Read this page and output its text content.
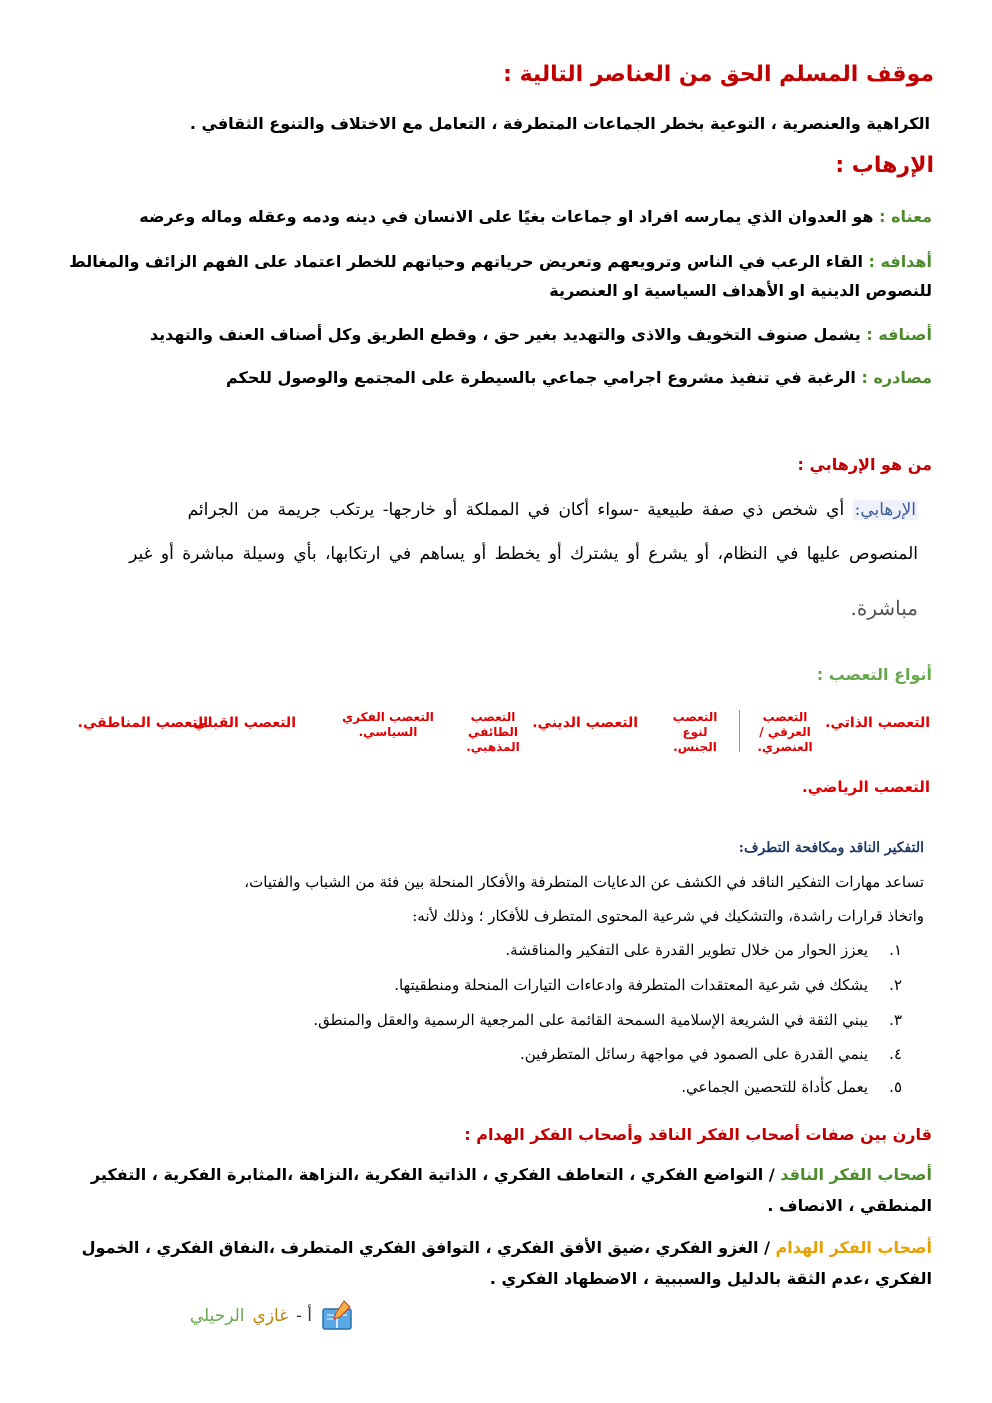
موقف المسلم الحق من العناصر التالية :
الكراهية والعنصرية ، التوعية بخطر الجماعات المتطرفة ، التعامل مع الاختلاف والتنوع الثقافي .
الإرهاب :
معناه : هو العدوان الذي يمارسه افراد او جماعات بغيًا على الانسان في دينه ودمه وعقله وماله وعرضه
أهدافه : القاء الرعب في الناس وترويعهم وتعريض حرياتهم وحياتهم للخطر اعتماد على الفهم الزائف والمغالط
للنصوص الدينية او الأهداف السياسية او العنصرية
أصنافه : يشمل صنوف التخويف والاذى والتهديد بغير حق ، وقطع الطريق وكل أصناف العنف والتهديد
مصادره : الرغبة في تنفيذ مشروع اجرامي جماعي بالسيطرة على المجتمع والوصول للحكم
من هو الإرهابي :
الإرهابي: أي شخص ذي صفة طبيعية -سواء أكان في المملكة أو خارجها- يرتكب جريمة من الجرائم
المنصوص عليها في النظام، أو يشرع أو يشترك أو يخطط أو يساهم في ارتكابها، بأي وسيلة مباشرة أو غير
مباشرة.
أنواع التعصب :
التعصب الذاتي.
التعصب العرقي / العنصري.
التعصب لنوع الجنس.
التعصب الديني.
التعصب الطائفي المذهبي.
التعصب الفكري السياسي.
التعصب القبلي.
التعصب المناطقي.
التعصب الرياضي.
التفكير الناقد ومكافحة التطرف:
تساعد مهارات التفكير الناقد في الكشف عن الدعايات المتطرفة والأفكار المنحلة بين فئة من الشباب والفتيات،
واتخاذ قرارات راشدة، والتشكيك في شرعية المحتوى المتطرف للأفكار ؛ وذلك لأنه:
١.يعزز الحوار من خلال تطوير القدرة على التفكير والمناقشة.
٢.يشكك في شرعية المعتقدات المتطرفة وادعاءات التيارات المنحلة ومنطقيتها.
٣.يبني الثقة في الشريعة الإسلامية السمحة القائمة على المرجعية الرسمية والعقل والمنطق.
٤.ينمي القدرة على الصمود في مواجهة رسائل المتطرفين.
٥.يعمل كأداة للتحصين الجماعي.
قارن بين صفات أصحاب الفكر الناقد وأصحاب الفكر الهدام :
أصحاب الفكر الناقد / التواضع الفكري ، التعاطف الفكري ، الذاتية الفكرية ،النزاهة ،المثابرة الفكرية ، التفكير
المنطقي ، الانصاف .
أصحاب الفكر الهدام / الغزو الفكري ،ضيق الأفق الفكري ، التوافق الفكري المتطرف ،النفاق الفكري ، الخمول
الفكري ،عدم الثقة بالدليل والسببية ، الاضطهاد الفكري .
أ -
غازي
الرحيلي
